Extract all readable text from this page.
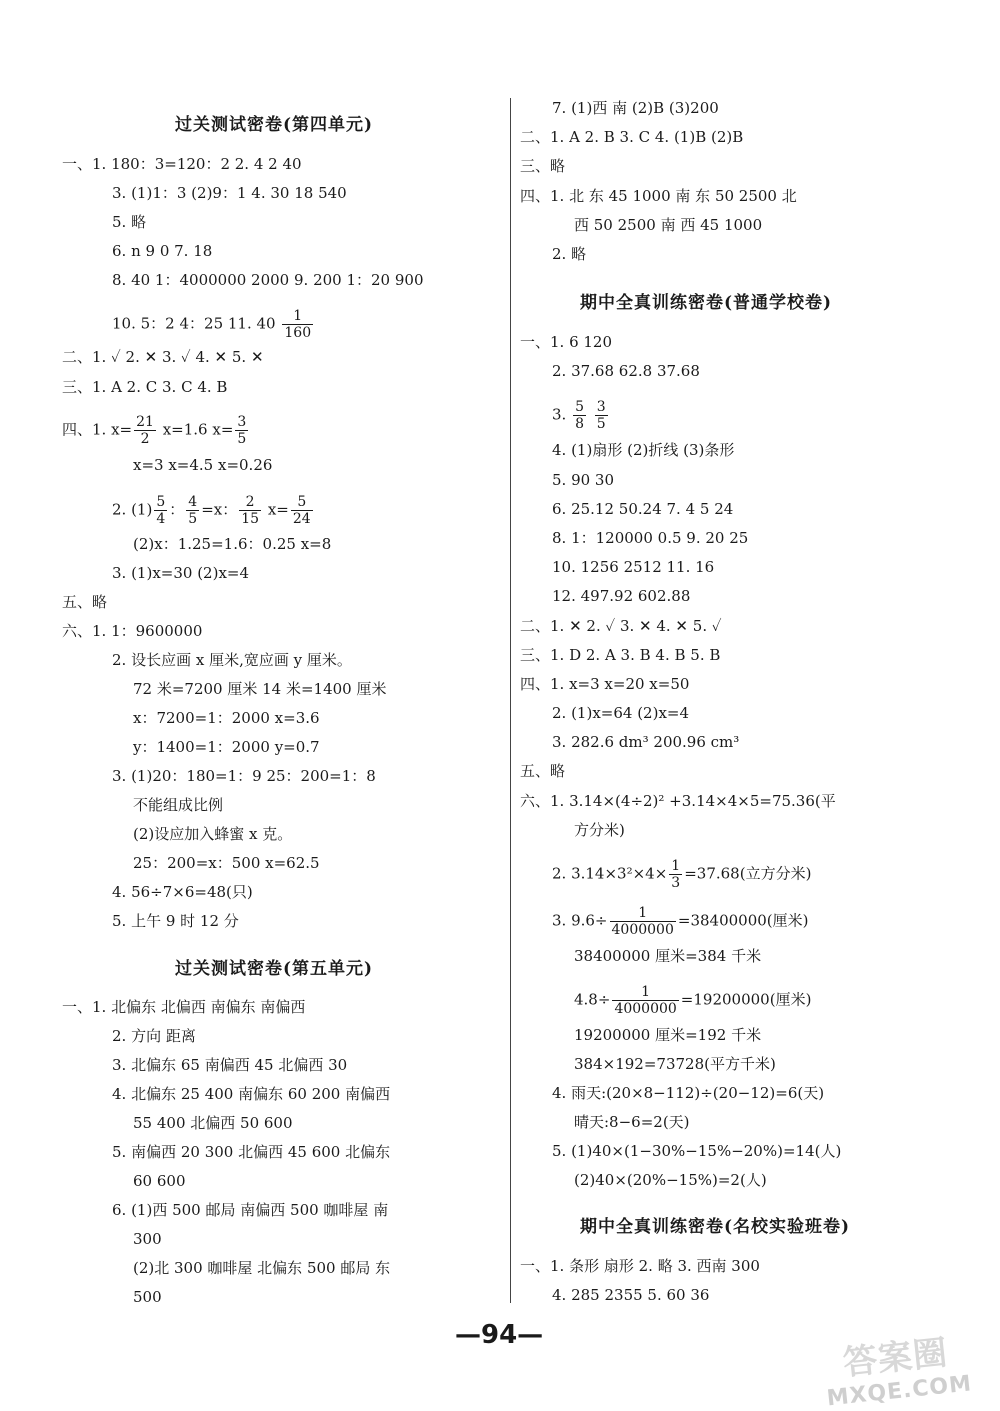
过关测试密卷(第四单元)
一、1. 180：3=120：2 2. 4 2 40
3. (1)1：3 (2)9：1 4. 30 18 540
5. 略
6. n 9 0 7. 18
8. 40 1：4000000 2000 9. 200 1：20 900
10. 5：2 4：25 11. $40 \frac{1}{160}$
二、1. ✓ 2. ✕ 3. ✓ 4. ✕ 5. ✕
三、1. A 2. C 3. C 4. B
四、1. $x= \frac{21}{2} x=1.6$ $x= \frac{3}{5}$
x=3 x=4.5 x=0.26
2. $(1) \frac{5}{4}$ ： $\frac{4}{5} =x$： $\frac{2}{15} x= \frac{5}{24}$
(2)x：1.25=1.6：0.25 x=8
3. (1)x=30 (2)x=4
五、略
六、1. 1：9600000
2. 设长应画 x 厘米,宽应画 y 厘米。
72 米=7200 厘米 14 米=1400 厘米
x：7200=1：2000 x=3.6
y：1400=1：2000 y=0.7
3. (1)20：180=1：9 25：200=1：8
不能组成比例
(2)设应加入蜂蜜 x 克。
25：200=x：500 x=62.5
4. 56÷7×6=48(只)
5. 上午 9 时 12 分
过关测试密卷(第五单元)
一、1. 北偏东 北偏西 南偏东 南偏西
2. 方向 距离
3. 北偏东 65 南偏西 45 北偏西 30
4. 北偏东 25 400 南偏东 60 200 南偏西
55 400 北偏西 50 600
5. 南偏西 20 300 北偏西 45 600 北偏东
60 600
6. (1)西 500 邮局 南偏西 500 咖啡屋 南
300
(2)北 300 咖啡屋 北偏东 500 邮局 东
500
7. (1)西 南 (2)B (3)200
二、1. A 2. B 3. C 4. (1)B (2)B
三、略
四、1. 北 东 45 1000 南 东 50 2500 北
西 50 2500 南 西 45 1000
2. 略
期中全真训练密卷(普通学校卷)
一、1. 6 120
2. 37.68 62.8 37.68
3. $\frac{5}{8}$
$\frac{3}{5}$
4. (1)扇形 (2)折线 (3)条形
5. 90 30
6. 25.12 50.24 7. 4 5 24
8. 1：120000 0.5 9. 20 25
10. 1256 2512 11. 16
12. 497.92 602.88
二、1. ✕ 2. ✓ 3. ✕ 4. ✕ 5. ✓
三、1. D 2. A 3. B 4. B 5. B
四、1. x=3 x=20 x=50
2. (1)x=64 (2)x=4
3. 282.6 dm³ 200.96 cm³
五、略
六、1. 3.14×(4÷2)² +3.14×4×5=75.36(平
方分米)
2. $3.14\times 3^2\times 4\times \frac{1}{3} =37.68$(立方分米)
3. $9.6\div \frac{1}{4000000} =38400000$(厘米)
38400000 厘米=384 千米
$4.8\div \frac{1}{4000000} =19200000$(厘米)
19200000 厘米=192 千米
384×192=73728(平方千米)
4. 雨天:(20×8−112)÷(20−12)=6(天)
晴天:8−6=2(天)
5. (1)40×(1−30%−15%−20%)=14(人)
(2)40×(20%−15%)=2(人)
期中全真训练密卷(名校实验班卷)
一、1. 条形 扇形 2. 略 3. 西南 300
4. 285 2355 5. 60 36
—94—	答案圈
MXQE.COM
